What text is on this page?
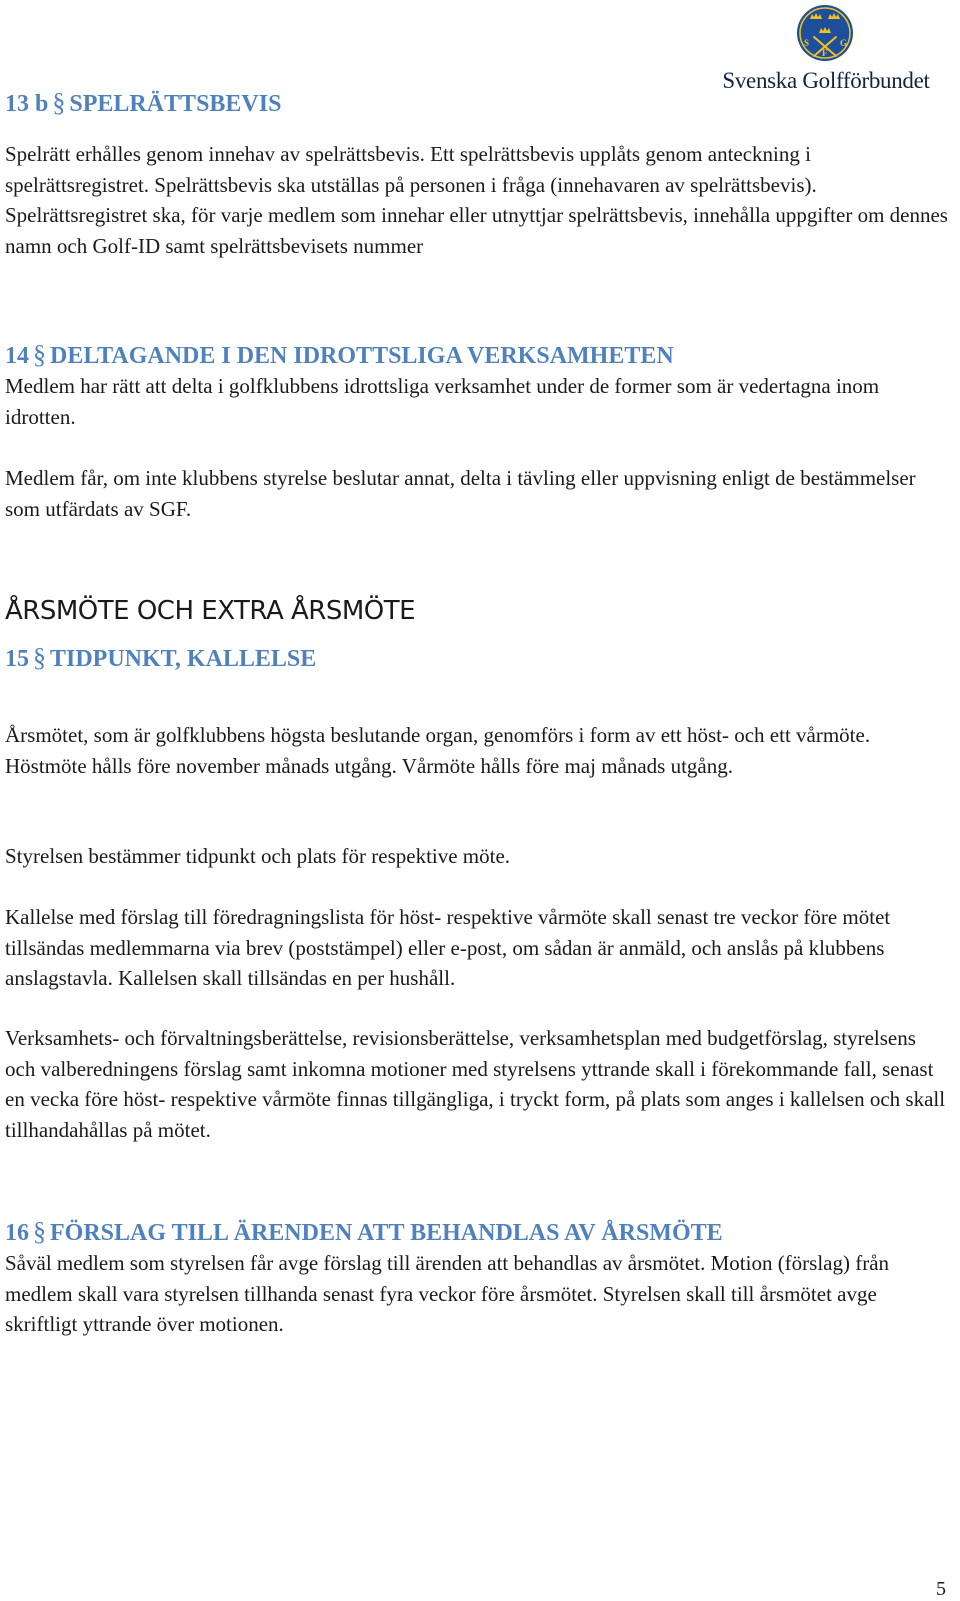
S	G
F
Svenska Golfförbundet
13 b § SPELRÄTTSBEVIS
Spelrätt erhålles genom innehav av spelrättsbevis. Ett spelrättsbevis upplåts genom anteckning i spelrättsregistret. Spelrättsbevis ska utställas på personen i fråga (innehavaren av spelrättsbevis). Spelrättsregistret ska, för varje medlem som innehar eller utnyttjar spelrättsbevis, innehålla uppgifter om dennes namn och Golf-ID samt spelrättsbevisets nummer
14 § DELTAGANDE I DEN IDROTTSLIGA VERKSAMHETEN
Medlem har rätt att delta i golfklubbens idrottsliga verksamhet under de former som är vedertagna inom idrotten.
Medlem får, om inte klubbens styrelse beslutar annat, delta i tävling eller uppvisning enligt de bestämmelser som utfärdats av SGF.
ÅRSMÖTE OCH EXTRA ÅRSMÖTE
15 § TIDPUNKT, KALLELSE
Årsmötet, som är golfklubbens högsta beslutande organ, genomförs i form av ett höst- och ett vårmöte. Höstmöte hålls före november månads utgång. Vårmöte hålls före maj månads utgång.
Styrelsen bestämmer tidpunkt och plats för respektive möte.
Kallelse med förslag till föredragningslista för höst- respektive vårmöte skall senast tre veckor före mötet tillsändas medlemmarna via brev (poststämpel) eller e-post, om sådan är anmäld, och anslås på klubbens anslagstavla. Kallelsen skall tillsändas en per hushåll.
Verksamhets- och förvaltningsberättelse, revisionsberättelse, verksamhetsplan med budgetförslag, styrelsens och valberedningens förslag samt inkomna motioner med styrelsens yttrande skall i förekommande fall, senast en vecka före höst- respektive vårmöte finnas tillgängliga, i tryckt form, på plats som anges i kallelsen och skall tillhandahållas på mötet.
16 § FÖRSLAG TILL ÄRENDEN ATT BEHANDLAS AV ÅRSMÖTE
Såväl medlem som styrelsen får avge förslag till ärenden att behandlas av årsmötet. Motion (förslag) från medlem skall vara styrelsen tillhanda senast fyra veckor före årsmötet. Styrelsen skall till årsmötet avge skriftligt yttrande över motionen.
5
